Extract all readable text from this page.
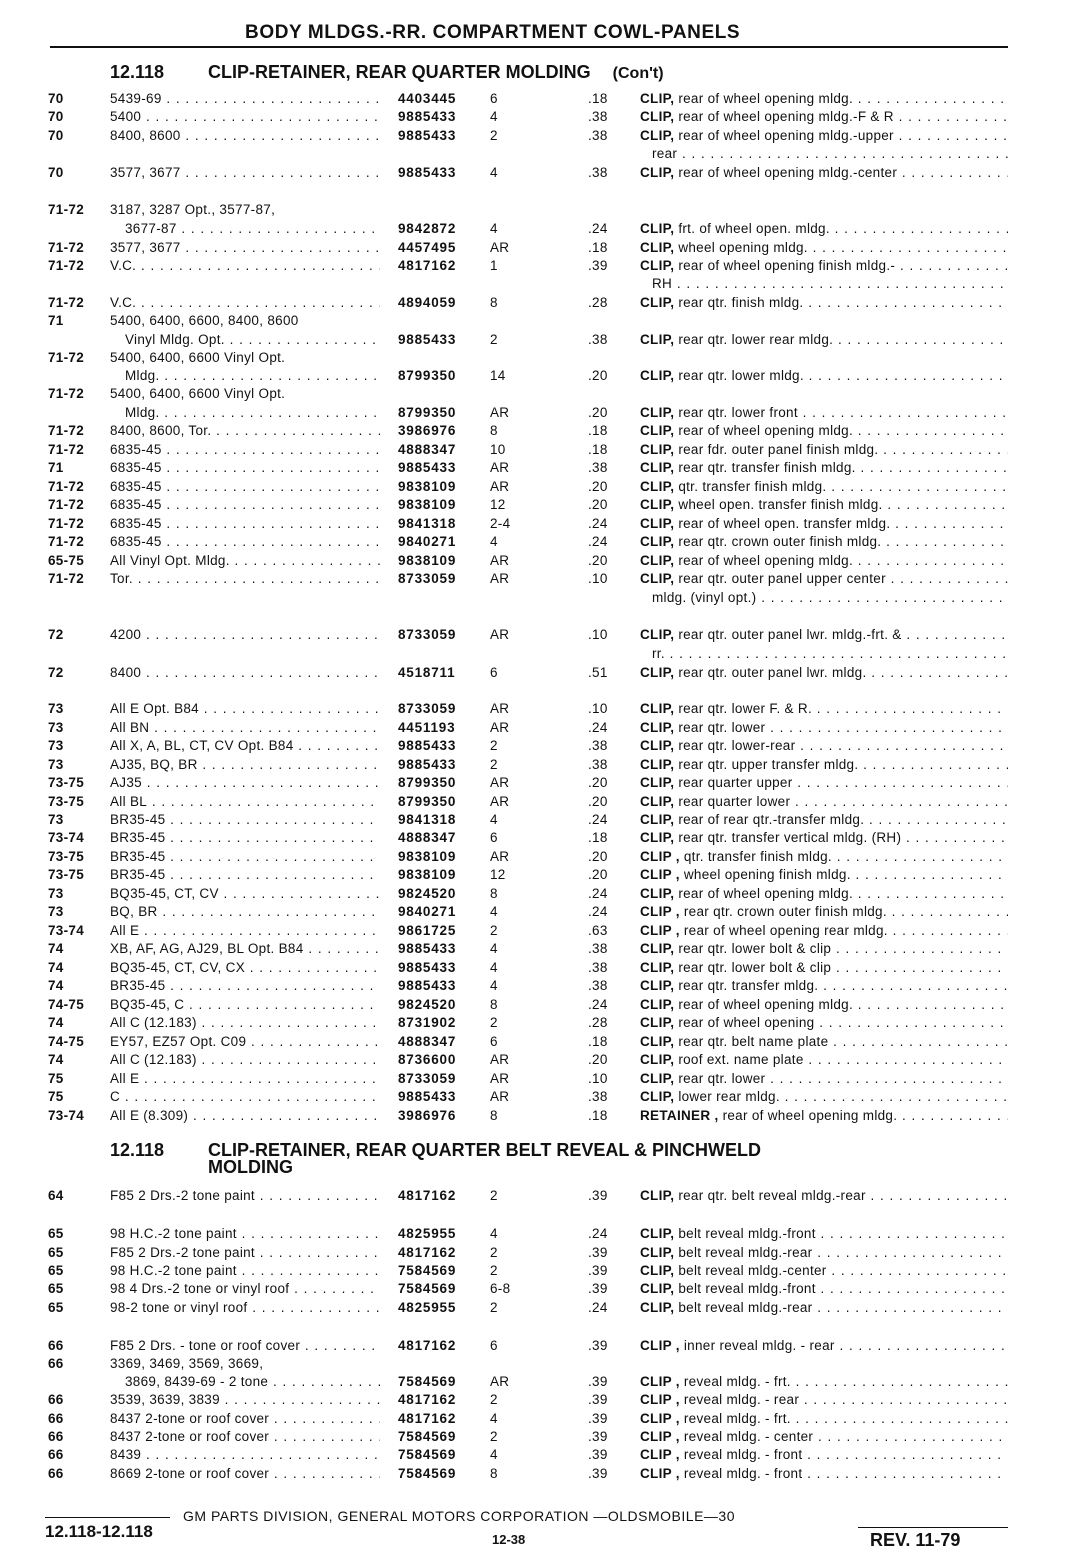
BODY MLDGS.-RR. COMPARTMENT COWL-PANELS
12.118 CLIP-RETAINER, REAR QUARTER MOLDING (Con't)
12.118 CLIP-RETAINER, REAR QUARTER BELT REVEAL & PINCHWELD
MOLDING
70	5439-69 . . .	4403445	6	.18 CLIP, rear of wheel opening mldg. . . .
70	5400 . . .	9885433	4	.38 CLIP, rear of wheel opening mldg.-F & R . . .
70	8400, 8600 . . .	9885433	2	.38 CLIP, rear of wheel opening mldg.-upper . . .
rear . . .
70	3577, 3677 . . .	9885433	4	.38 CLIP, rear of wheel opening mldg.-center . . .
71-72 3187, 3287 Opt., 3577-87,
3677-87 . . .	9842872	4	.24 CLIP, frt. of wheel open. mldg. . . .
71-72 3577, 3677 . . .	4457495	AR	.18 CLIP, wheel opening mldg. . . .
71-72 V.C. . . .	4817162	1	.39 CLIP, rear of wheel opening finish mldg.- . . .
RH . . .
71-72 V.C. . . .	4894059	8	.28 CLIP, rear qtr. finish mldg. . . .
71	5400, 6400, 6600, 8400, 8600
Vinyl Mldg. Opt. . . .	9885433	2	.38 CLIP, rear qtr. lower rear mldg. . . .
71-72 5400, 6400, 6600 Vinyl Opt.
Mldg. . . .	8799350	14	.20 CLIP, rear qtr. lower mldg. . . .
71-72 5400, 6400, 6600 Vinyl Opt.
Mldg. . . .	8799350	AR	.20 CLIP, rear qtr. lower front . . .
71-72 8400, 8600, Tor. . . .	3986976	8	.18 CLIP, rear of wheel opening mldg. . . .
71-72 6835-45 . . .	4888347	10	.18 CLIP, rear fdr. outer panel finish mldg. . . .
71	6835-45 . . .	9885433	AR	.38 CLIP, rear qtr. transfer finish mldg. . . .
71-72 6835-45 . . .	9838109	AR	.20 CLIP, qtr. transfer finish mldg. . . .
71-72 6835-45 . . .	9838109	12	.20 CLIP, wheel open. transfer finish mldg. . . .
71-72 6835-45 . . .	9841318	2-4	.24 CLIP, rear of wheel open. transfer mldg. . . .
71-72 6835-45 . . .	9840271	4	.24 CLIP, rear qtr. crown outer finish mldg. . . .
65-75 All Vinyl Opt. Mldg. . . .	9838109	AR	.20 CLIP, rear of wheel opening mldg. . . .
71-72 Tor. . . .	8733059	AR	.10 CLIP, rear qtr. outer panel upper center . . .
mldg. (vinyl opt.) . . .
72	4200 . . .	8733059	AR	.10 CLIP, rear qtr. outer panel lwr. mldg.-frt. & . . .
rr. . . .
72	8400 . . .	4518711	6	.51 CLIP, rear qtr. outer panel lwr. mldg. . . .
73	All E Opt. B84 . . .	8733059	AR	.10 CLIP, rear qtr. lower F. & R. . . .
73	All BN . . .	4451193	AR	.24 CLIP, rear qtr. lower . . .
73	All X, A, BL, CT, CV Opt. B84 . . .	9885433	2	.38 CLIP, rear qtr. lower-rear . . .
73	AJ35, BQ, BR . . .	9885433	2	.38 CLIP, rear qtr. upper transfer mldg. . . .
73-75 AJ35 . . .	8799350	AR	.20 CLIP, rear quarter upper . . .
73-75 All BL . . .	8799350	AR	.20 CLIP, rear quarter lower . . .
73	BR35-45 . . .	9841318	4	.24 CLIP, rear of rear qtr.-transfer mldg. . . .
73-74 BR35-45 . . .	4888347	6	.18 CLIP, rear qtr. transfer vertical mldg. (RH) . . .
73-75 BR35-45 . . .	9838109	AR	.20 CLIP , qtr. transfer finish mldg. . . .
73-75 BR35-45 . . .	9838109	12	.20 CLIP , wheel opening finish mldg. . . .
73	BQ35-45, CT, CV . . .	9824520	8	.24 CLIP, rear of wheel opening mldg. . . .
73	BQ, BR . . .	9840271	4	.24 CLIP , rear qtr. crown outer finish mldg. . . .
73-74 All E . . .	9861725	2	.63 CLIP , rear of wheel opening rear mldg. . . .
74	XB, AF, AG, AJ29, BL Opt. B84 . . .	9885433	4	.38 CLIP, rear qtr. lower bolt & clip . . .
74	BQ35-45, CT, CV, CX . . .	9885433	4	.38 CLIP, rear qtr. lower bolt & clip . . .
74	BR35-45 . . .	9885433	4	.38 CLIP, rear qtr. transfer mldg. . . .
74-75 BQ35-45, C . . .	9824520	8	.24 CLIP, rear of wheel opening mldg. . . .
74	All C (12.183) . . .	8731902	2	.28 CLIP, rear of wheel opening . . .
74-75 EY57, EZ57 Opt. C09 . . .	4888347	6	.18 CLIP, rear qtr. belt name plate . . .
74	All C (12.183) . . .	8736600	AR	.20 CLIP, roof ext. name plate . . .
75	All E . . .	8733059	AR	.10 CLIP, rear qtr. lower . . .
75	C . . .	9885433	AR	.38 CLIP, lower rear mldg. . . .
73-74 All E (8.309) . . .	3986976	8	.18 RETAINER , rear of wheel opening mldg. . . .
64	F85 2 Drs.-2 tone paint . . .	4817162	2	.39 CLIP, rear qtr. belt reveal mldg.-rear . . .
65	98 H.C.-2 tone paint . . .	4825955	4	.24 CLIP, belt reveal mldg.-front . . .
65	F85 2 Drs.-2 tone paint . . .	4817162	2	.39 CLIP, belt reveal mldg.-rear . . .
65	98 H.C.-2 tone paint . . .	7584569	2	.39 CLIP, belt reveal mldg.-center . . .
65	98 4 Drs.-2 tone or vinyl roof . . .	7584569	6-8	.39 CLIP, belt reveal mldg.-front . . .
65	98-2 tone or vinyl roof . . .	4825955	2	.24 CLIP, belt reveal mldg.-rear . . .
66	F85 2 Drs. - tone or roof cover . . .	4817162	6	.39 CLIP , inner reveal mldg. - rear . . .
66	3369, 3469, 3569, 3669,
3869, 8439-69 - 2 tone . . .	7584569	AR	.39 CLIP , reveal mldg. - frt. . . .
66	3539, 3639, 3839 . . .	4817162	2	.39 CLIP , reveal mldg. - rear . . .
66	8437 2-tone or roof cover . . .	4817162	4	.39 CLIP , reveal mldg. - frt. . . .
66	8437 2-tone or roof cover . . .	7584569	2	.39 CLIP , reveal mldg. - center . . .
66	8439 . . .	7584569	4	.39 CLIP , reveal mldg. - front . . .
66	8669 2-tone or roof cover . . .	7584569	8	.39 CLIP , reveal mldg. - front . . .
GM PARTS DIVISION, GENERAL MOTORS CORPORATION —OLDSMOBILE—30
12.118-12.118	12-38	REV. 11-79
